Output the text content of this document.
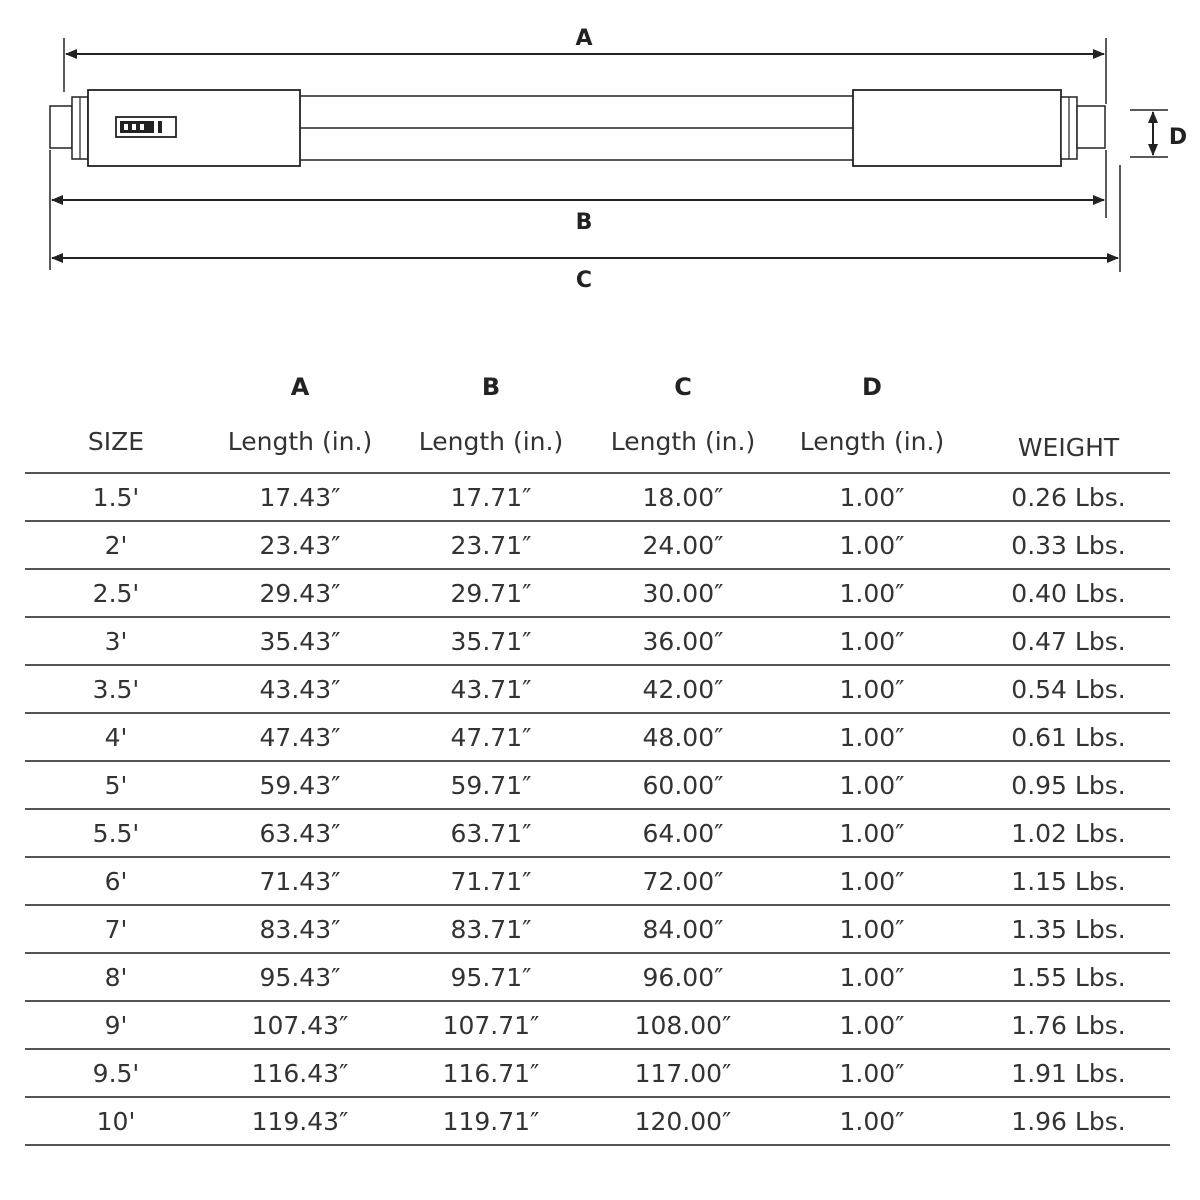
A
D
B
C
	A	B	C	D	
SIZE	Length (in.)	Length (in.)	Length (in.)	Length (in.)	WEIGHT
1.5'	17.43″	17.71″	18.00″	1.00″	0.26 Lbs.
2'	23.43″	23.71″	24.00″	1.00″	0.33 Lbs.
2.5'	29.43″	29.71″	30.00″	1.00″	0.40 Lbs.
3'	35.43″	35.71″	36.00″	1.00″	0.47 Lbs.
3.5'	43.43″	43.71″	42.00″	1.00″	0.54 Lbs.
4'	47.43″	47.71″	48.00″	1.00″	0.61 Lbs.
5'	59.43″	59.71″	60.00″	1.00″	0.95 Lbs.
5.5'	63.43″	63.71″	64.00″	1.00″	1.02 Lbs.
6'	71.43″	71.71″	72.00″	1.00″	1.15 Lbs.
7'	83.43″	83.71″	84.00″	1.00″	1.35 Lbs.
8'	95.43″	95.71″	96.00″	1.00″	1.55 Lbs.
9'	107.43″	107.71″	108.00″	1.00″	1.76 Lbs.
9.5'	116.43″	116.71″	117.00″	1.00″	1.91 Lbs.
10'	119.43″	119.71″	120.00″	1.00″	1.96 Lbs.
